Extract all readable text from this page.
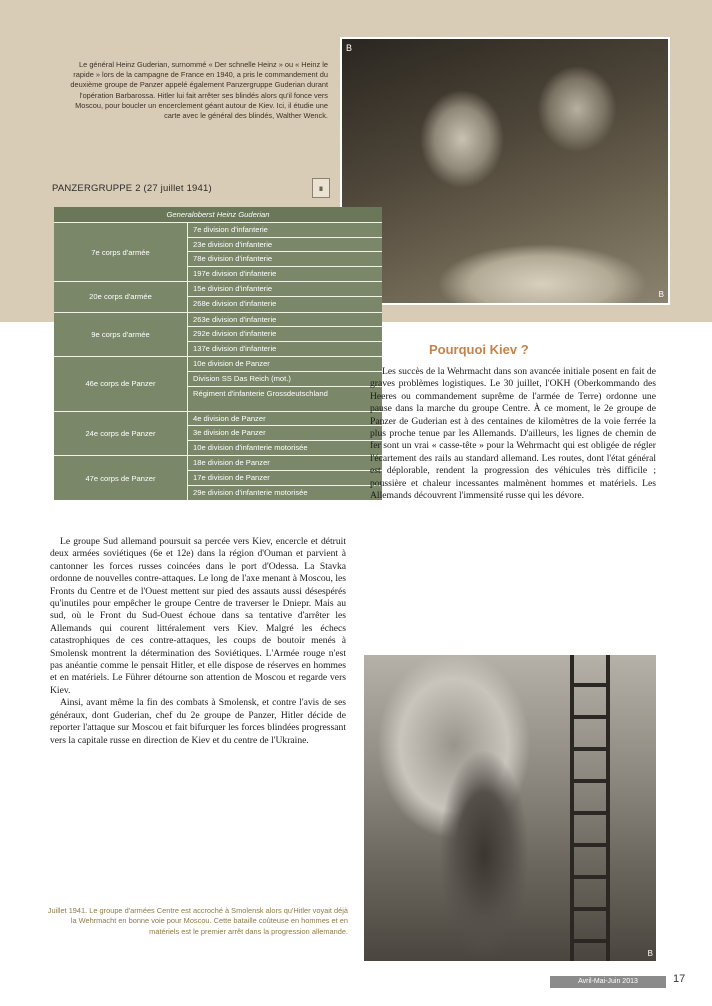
Le général Heinz Guderian, surnommé « Der schnelle Heinz » ou « Heinz le rapide » lors de la campagne de France en 1940, a pris le commandement du deuxième groupe de Panzer appelé également Panzergruppe Guderian durant l'opération Barbarossa. Hitler lui fait arrêter ses blindés alors qu'il fonce vers Moscou, pour boucler un encerclement géant autour de Kiev. Ici, il étudie une carte avec le général des blindés, Walther Wenck.
B
B
PANZERGRUPPE 2 (27 juillet 1941)	∎
Generaloberst Heinz Guderian
7e corps d'armée
7e division d'infanterie
23e division d'infanterie
78e division d'infanterie
197e division d'infanterie
20e corps d'armée
15e division d'infanterie
268e division d'infanterie
9e corps d'armée
263e division d'infanterie
292e division d'infanterie
137e division d'infanterie
46e corps de Panzer
10e division de Panzer
Division SS Das Reich (mot.)
Régiment d'infanterie Grossdeutschland
24e corps de Panzer
4e division de Panzer
3e division de Panzer
10e division d'infanterie motorisée
47e corps de Panzer
18e division de Panzer
17e division de Panzer
29e division d'infanterie motorisée
Pourquoi Kiev ?

Les succès de la Wehrmacht dans son avancée initiale posent en fait de graves problèmes logistiques. Le 30 juillet, l'OKH (Oberkommando des Heeres ou commandement suprême de l'armée de Terre) ordonne une pause dans la marche du groupe Centre. À ce moment, le 2e groupe de Panzer de Guderian est à des centaines de kilomètres de la voie ferrée la plus proche tenue par les Allemands. D'ailleurs, les lignes de chemin de fer sont un vrai « casse-tête » pour la Wehrmacht qui est obligée de régler l'écartement des rails au standard allemand. Les routes, dont l'état général est déplorable, rendent la progression des véhicules très difficile ; poussière et chaleur incessantes malmènent hommes et matériels. Les Allemands découvrent l'immensité russe qui les dévore.

Le groupe Sud allemand poursuit sa percée vers Kiev, encercle et détruit deux armées soviétiques (6e et 12e) dans la région d'Ouman et parvient à cantonner les forces russes coincées dans le port d'Odessa. La Stavka ordonne de nouvelles contre-attaques. Le long de l'axe menant à Moscou, les Fronts du Centre et de l'Ouest mettent sur pied des assauts aussi désespérés qu'inutiles pour empêcher le groupe Centre de traverser le Dniepr. Mais au sud, où le Front du Sud-Ouest échoue dans sa tentative d'arrêter les Allemands qui courent littéralement vers Kiev. Malgré les échecs catastrophiques de ces contre-attaques, les coups de boutoir menés à Smolensk montrent la détermination des Soviétiques. L'Armée rouge n'est pas anéantie comme le pensait Hitler, et elle dispose de réserves en hommes et en matériels. Le Führer détourne son attention de Moscou et regarde vers Kiev.

Ainsi, avant même la fin des combats à Smolensk, et contre l'avis de ses généraux, dont Guderian, chef du 2e groupe de Panzer, Hitler décide de reporter l'attaque sur Moscou et fait bifurquer les forces blindées progressant vers la capitale russe en direction de Kiev et du centre de l'Ukraine.

B
Juillet 1941. Le groupe d'armées Centre est accroché à Smolensk alors qu'Hitler voyait déjà la Wehrmacht en bonne voie pour Moscou. Cette bataille coûteuse en hommes et en matériels est le premier arrêt dans la progression allemande.
Avril-Mai-Juin 2013	17
